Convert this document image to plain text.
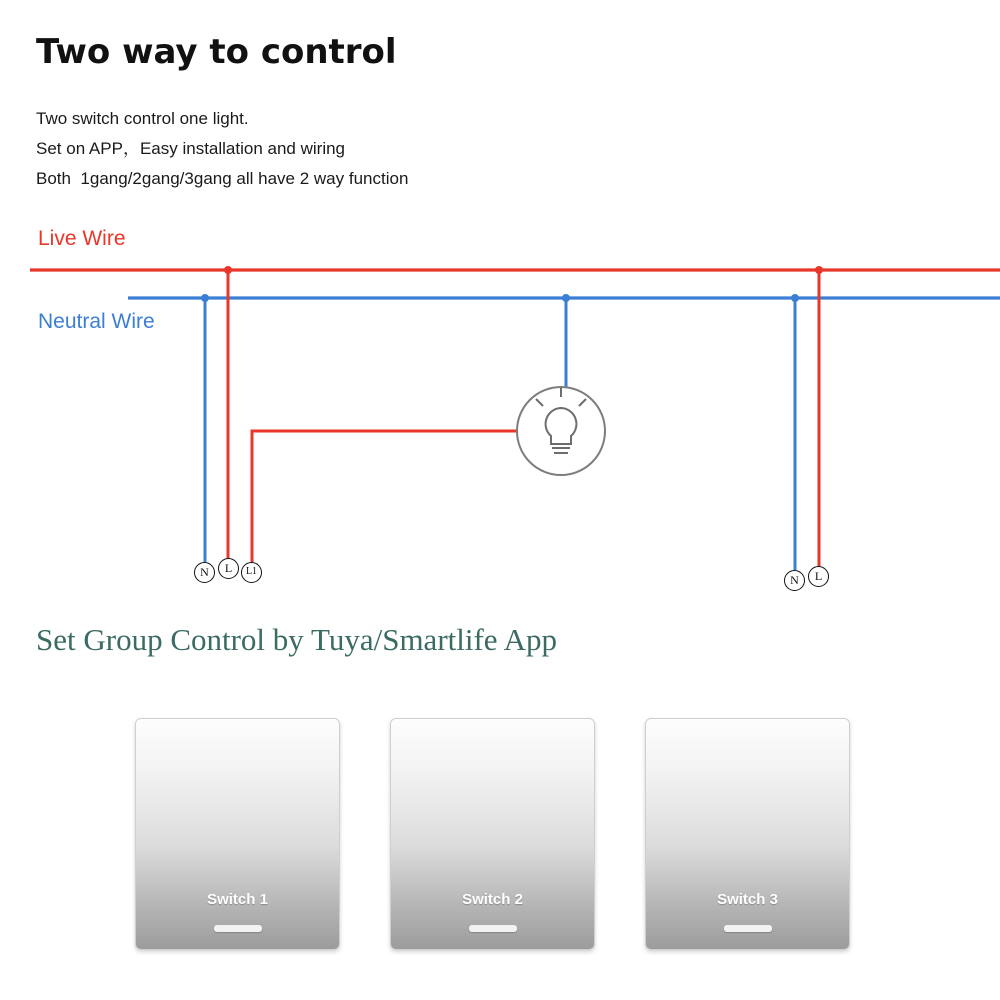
Two way to control
Two switch control one light.
Set on APP，Easy installation and wiring
Both  1gang/2gang/3gang all have 2 way function
Live Wire
Neutral Wire
N	L	L1
N	L
Set Group Control by Tuya/Smartlife App
Switch 1	Switch 2	Switch 3
